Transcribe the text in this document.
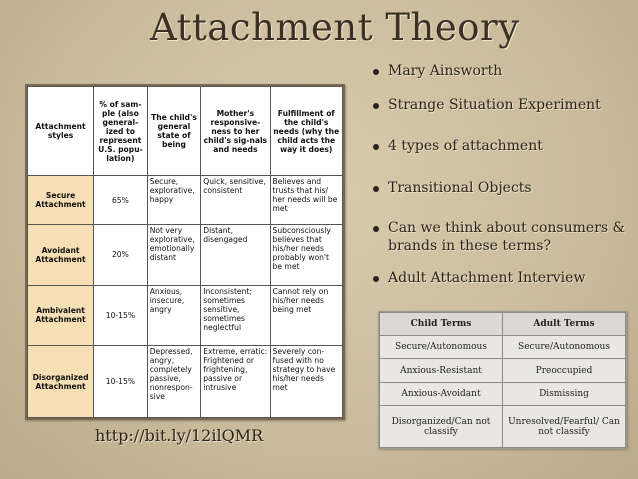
Attachment Theory
Attachment styles	% of sam-ple (also general-ized to represent U.S. popu-lation)	The child's general state of being	Mother's responsive-ness to her child's sig-nals and needs	Fulfillment of the child's needs (why the child acts the way it does)
Secure Attachment	65%	Secure, explorative, happy	Quick, sensitive, consistent	Believes and trusts that his/ her needs will be met
Avoidant Attachment	20%	Not very explorative, emotionally distant	Distant, disengaged	Subconsciously believes that his/her needs probably won't be met
Ambivalent Attachment	10-15%	Anxious, insecure, angry	Inconsistent; sometimes sensitive, sometimes neglectful	Cannot rely on his/her needs being met
Disorganized Attachment	10-15%	Depressed, angry, completely passive, nonrespon-sive	Extreme, erratic: Frightened or frightening, passive or intrusive	Severely con-fused with no strategy to have his/her needs met
http://bit.ly/12ilQMR
Mary Ainsworth
Strange Situation Experiment
4 types of attachment
Transitional Objects
Can we think about consumers & brands in these terms?
Adult Attachment Interview
Child Terms	Adult Terms
Secure/Autonomous	Secure/Autonomous
Anxious-Resistant	Preoccupied
Anxious-Avoidant	Dismissing
Disorganized/Can not classify	Unresolved/Fearful/ Can not classify
